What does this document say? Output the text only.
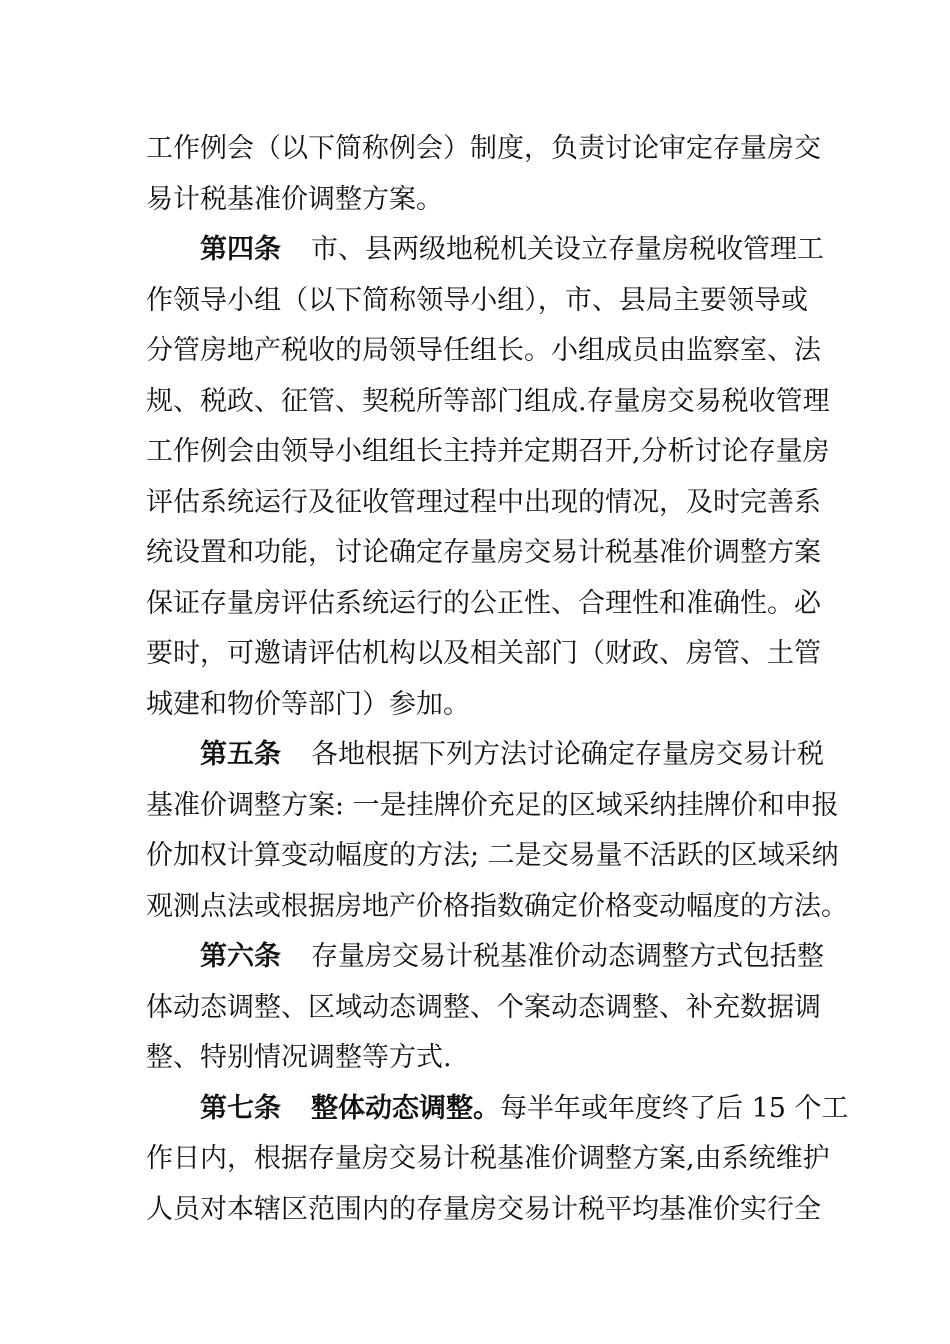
工作例会（以下简称例会）制度，负责讨论审定存量房交
易计税基准价调整方案。
第四条 市、县两级地税机关设立存量房税收管理工
作领导小组（以下简称领导小组），市、县局主要领导或
分管房地产税收的局领导任组长。小组成员由监察室、法
规、税政、征管、契税所等部门组成.存量房交易税收管理
工作例会由领导小组组长主持并定期召开,分析讨论存量房
评估系统运行及征收管理过程中出现的情况，及时完善系
统设置和功能，讨论确定存量房交易计税基准价调整方案
保证存量房评估系统运行的公正性、合理性和准确性。必
要时，可邀请评估机构以及相关部门（财政、房管、土管
城建和物价等部门）参加。
第五条 各地根据下列方法讨论确定存量房交易计税
基准价调整方案: 一是挂牌价充足的区域采纳挂牌价和申报
价加权计算变动幅度的方法; 二是交易量不活跃的区域采纳
观测点法或根据房地产价格指数确定价格变动幅度的方法。
第六条 存量房交易计税基准价动态调整方式包括整
体动态调整、区域动态调整、个案动态调整、补充数据调
整、特别情况调整等方式.
第七条 整体动态调整。每半年或年度终了后 15 个工
作日内，根据存量房交易计税基准价调整方案,由系统维护
人员对本辖区范围内的存量房交易计税平均基准价实行全
